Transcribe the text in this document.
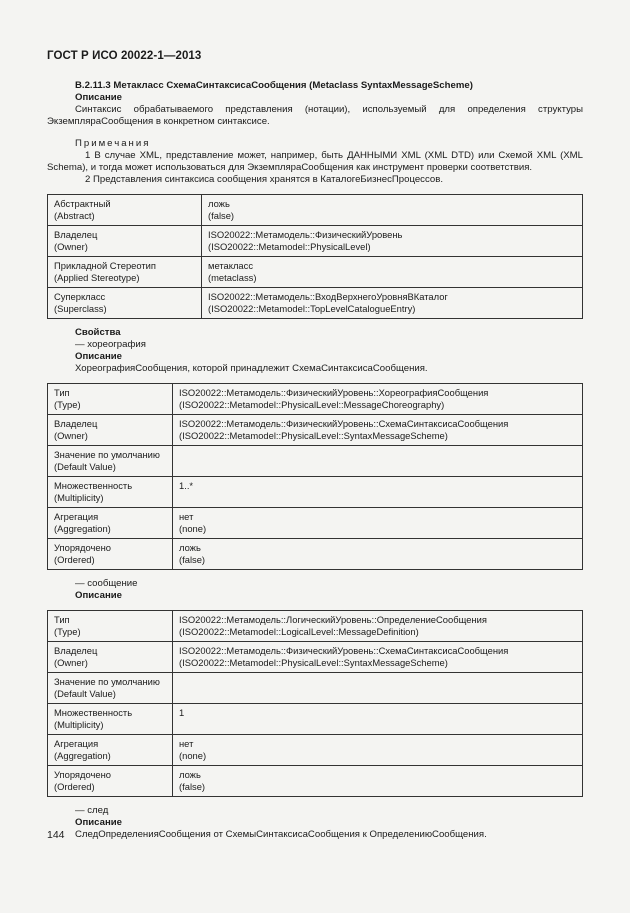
ГОСТ Р ИСО 20022-1—2013
В.2.11.3 Метакласс СхемаСинтаксисаСообщения (Metaclass SyntaxMessageScheme)
Описание

Синтаксис обрабатываемого представления (нотации), используемый для определения структуры ЭкземпляраСообщения в конкретном синтаксисе.

Примечания

1 В случае XML, представление может, например, быть ДАННЫМИ XML (XML DTD) или Схемой XML (XML Schema), и тогда может использоваться для ЭкземпляраСообщения как инструмент проверки соответствия.

2 Представления синтаксиса сообщения хранятся в КаталогеБизнесПроцессов.

Абстрактный
(Abstract)	ложь
(false)

Владелец
(Owner)	ISO20022::Метамодель::ФизическийУровень
(ISO20022::Metamodel::PhysicalLevel)

Прикладной Стереотип
(Applied Stereotype)	метакласс
(metaclass)

Суперкласс
(Superclass)	ISO20022::Метамодель::ВходВерхнегоУровняВКаталог
(ISO20022::Metamodel::TopLevelCatalogueEntry)
Свойства
— хореография
Описание
ХореографияСообщения, которой принадлежит СхемаСинтаксисаСообщения.
Тип
(Type)	ISO20022::Метамодель::ФизическийУровень::ХореографияСообщения
(ISO20022::Metamodel::PhysicalLevel::MessageChoreography)

Владелец
(Owner)	ISO20022::Метамодель::ФизическийУровень::СхемаСинтаксисаСообщения
(ISO20022::Metamodel::PhysicalLevel::SyntaxMessageScheme)

Значение по умолчанию
(Default Value)	

Множественность
(Multiplicity)	1..*

Агрегация
(Aggregation)	нет
(none)

Упорядочено
(Ordered)	ложь
(false)
— сообщение
Описание
Тип
(Type)	ISO20022::Метамодель::ЛогическийУровень::ОпределениеСообщения
(ISO20022::Metamodel::LogicalLevel::MessageDefinition)

Владелец
(Owner)	ISO20022::Метамодель::ФизическийУровень::СхемаСинтаксисаСообщения
(ISO20022::Metamodel::PhysicalLevel::SyntaxMessageScheme)

Значение по умолчанию
(Default Value)	

Множественность
(Multiplicity)	1

Агрегация
(Aggregation)	нет
(none)

Упорядочено
(Ordered)	ложь
(false)
— след
Описание
СледОпределенияСообщения от СхемыСинтаксисаСообщения к ОпределениюСообщения.
144
